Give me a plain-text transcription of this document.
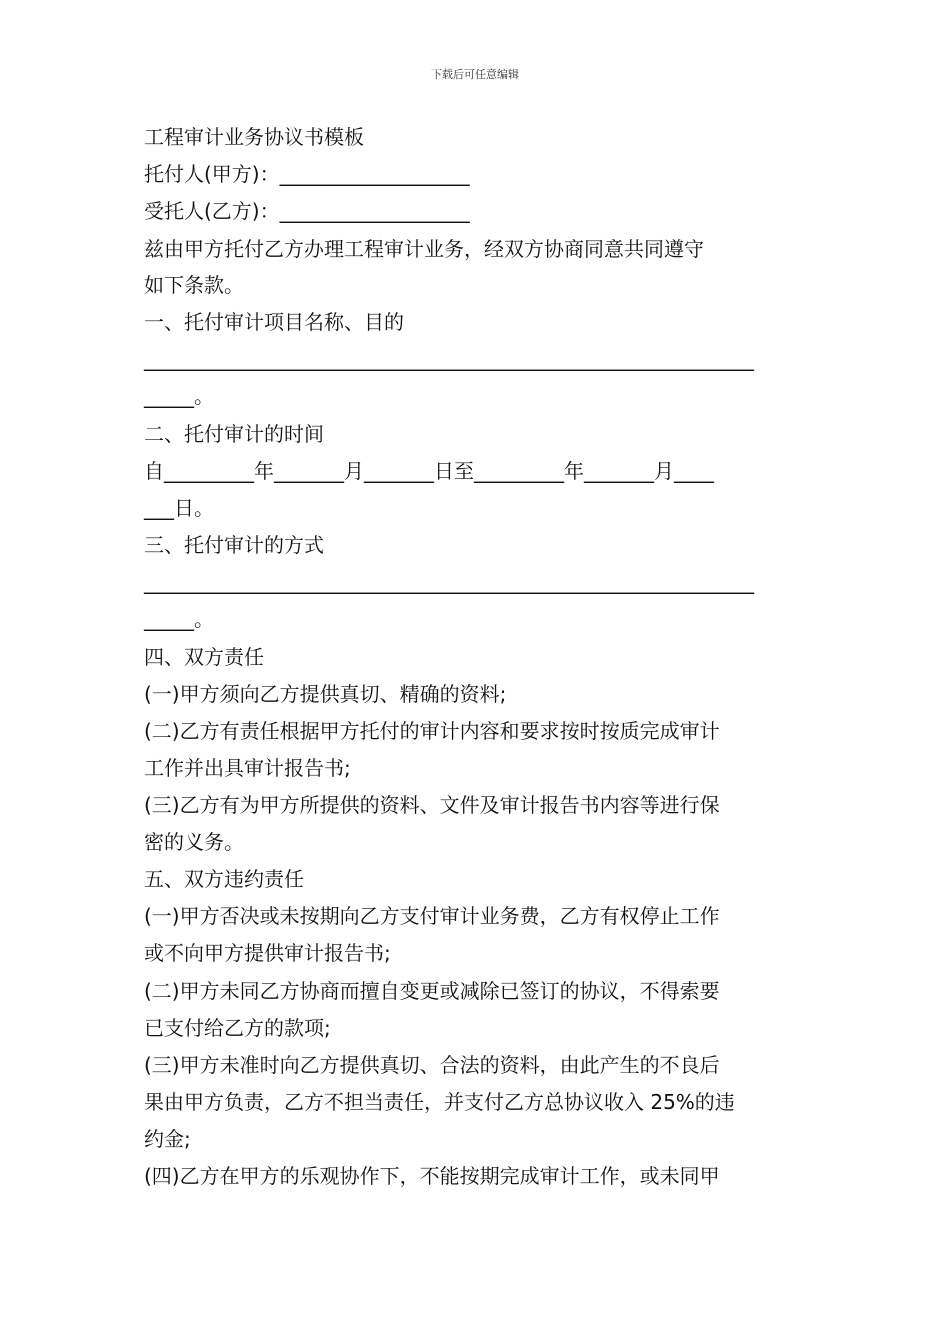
下载后可任意编辑
工程审计业务协议书模板
托付人(甲方)：___________________
受托人(乙方)：___________________
兹由甲方托付乙方办理工程审计业务，经双方协商同意共同遵守
如下条款。
一、托付审计项目名称、目的
_____________________________________________________________
_____。
二、托付审计的时间
自_________年_______月_______日至_________年_______月____
___日。
三、托付审计的方式
_____________________________________________________________
_____。
四、双方责任
(一)甲方须向乙方提供真切、精确的资料;
(二)乙方有责任根据甲方托付的审计内容和要求按时按质完成审计
工作并出具审计报告书;
(三)乙方有为甲方所提供的资料、文件及审计报告书内容等进行保
密的义务。
五、双方违约责任
(一)甲方否决或未按期向乙方支付审计业务费，乙方有权停止工作
或不向甲方提供审计报告书;
(二)甲方未同乙方协商而擅自变更或减除已签订的协议，不得索要
已支付给乙方的款项;
(三)甲方未准时向乙方提供真切、合法的资料，由此产生的不良后
果由甲方负责，乙方不担当责任，并支付乙方总协议收入 25%的违
约金;
(四)乙方在甲方的乐观协作下，不能按期完成审计工作，或未同甲
